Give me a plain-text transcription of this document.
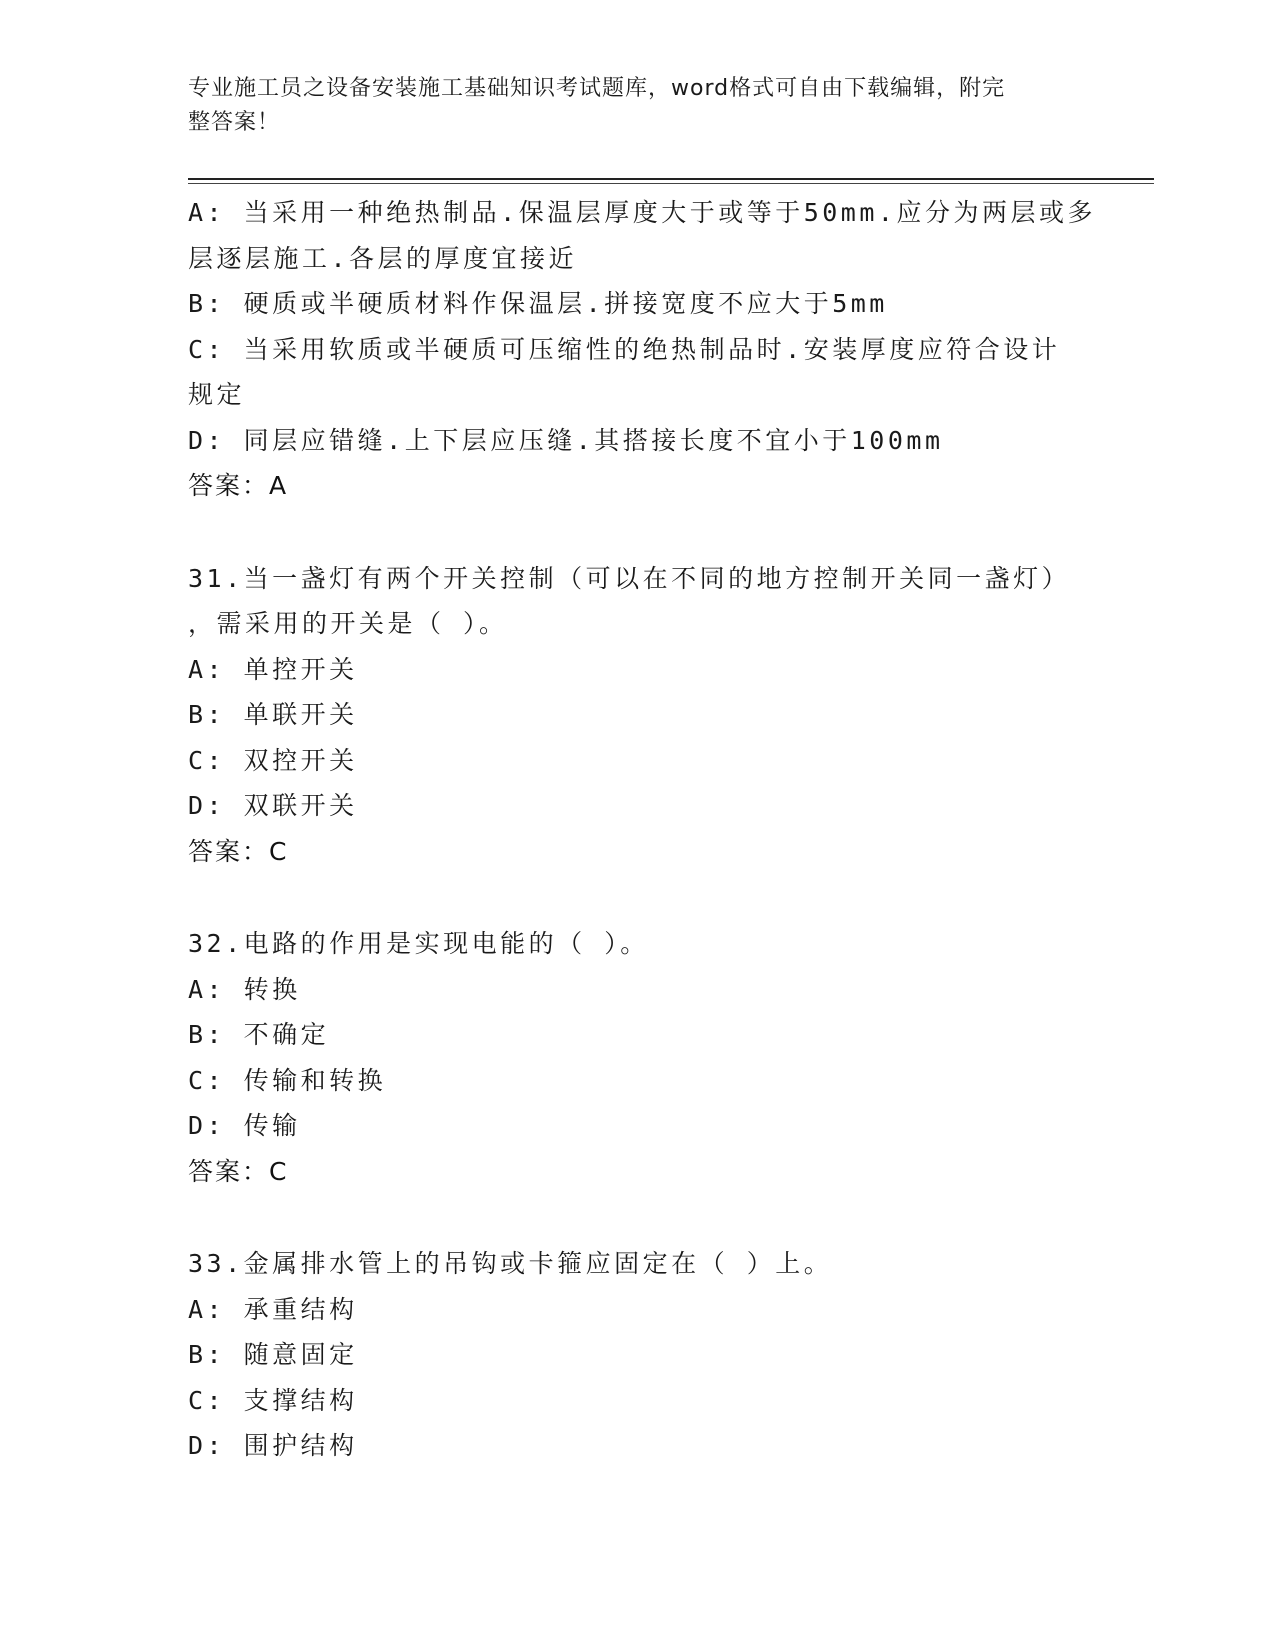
专业施工员之设备安装施工基础知识考试题库，word格式可自由下载编辑，附完
整答案！
A: 当采用一种绝热制品.保温层厚度大于或等于50mm.应分为两层或多
层逐层施工.各层的厚度宜接近
B: 硬质或半硬质材料作保温层.拼接宽度不应大于5mm
C: 当采用软质或半硬质可压缩性的绝热制品时.安装厚度应符合设计
规定
D: 同层应错缝.上下层应压缝.其搭接长度不宜小于100mm
答案：A
31.当一盏灯有两个开关控制（可以在不同的地方控制开关同一盏灯）
，需采用的开关是（ ）。
A: 单控开关
B: 单联开关
C: 双控开关
D: 双联开关
答案：C
32.电路的作用是实现电能的（ ）。
A: 转换
B: 不确定
C: 传输和转换
D: 传输
答案：C
33.金属排水管上的吊钩或卡箍应固定在（ ）上。
A: 承重结构
B: 随意固定
C: 支撑结构
D: 围护结构
